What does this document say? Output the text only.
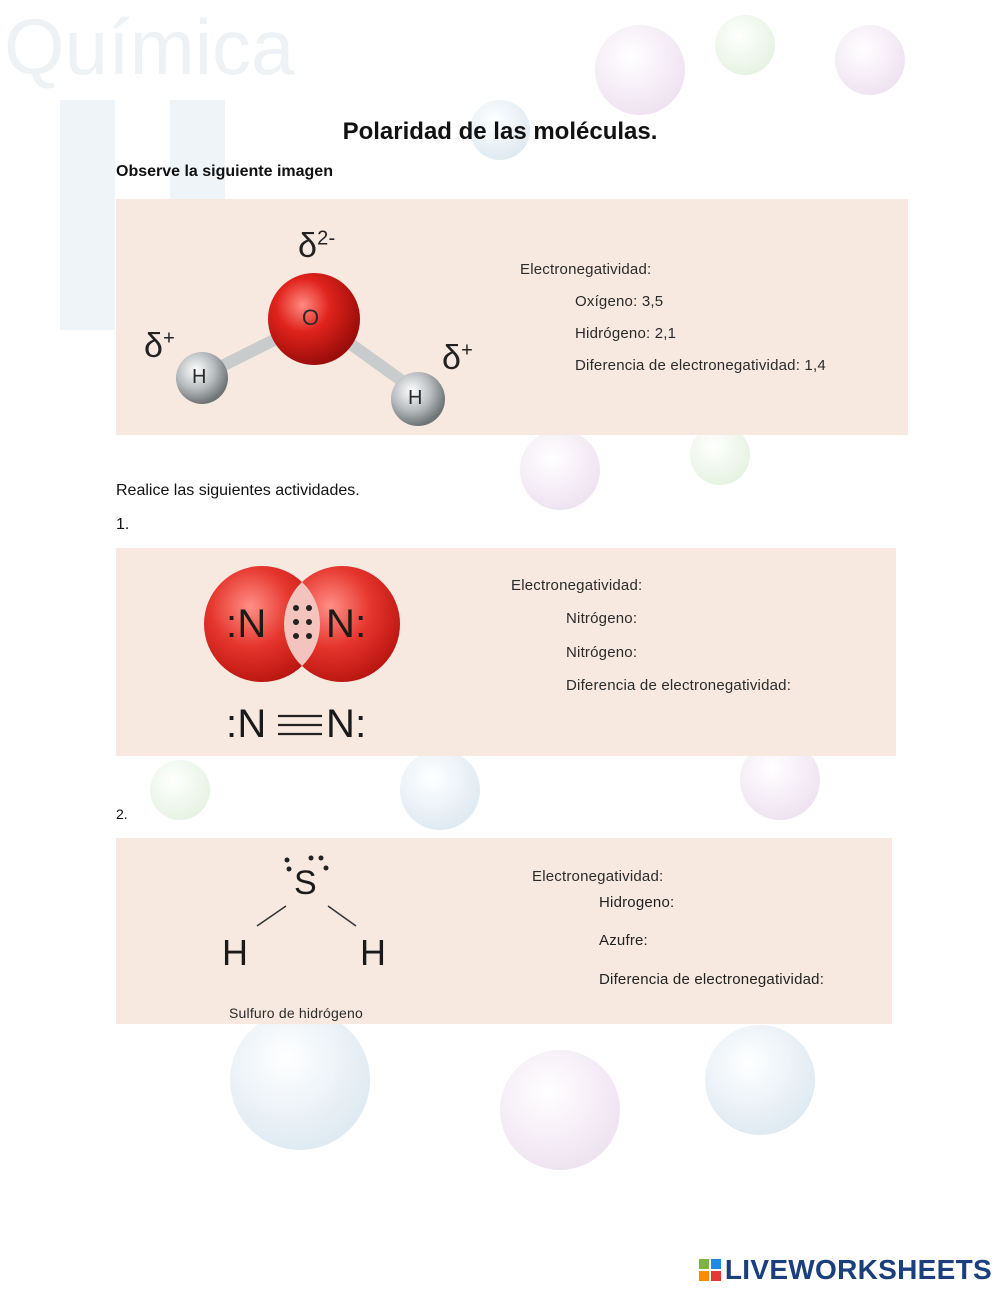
Química
Polaridad de las moléculas.
Observe la siguiente imagen
O
H
H
$\delta^{2-}$
δ+
δ+
Electronegatividad:
Oxígeno: 3,5
Hidrógeno: 2,1
Diferencia de electronegatividad: 1,4
Realice las siguientes actividades.
1.
:N N:
:N N:
Electronegatividad:
Nitrógeno:
Nitrógeno:
Diferencia de electronegatividad:
2.
S
H	H
Sulfuro de hidrógeno
Electronegatividad:
Hidrogeno:
Azufre:
Diferencia de electronegatividad:
LIVEWORKSHEETS
